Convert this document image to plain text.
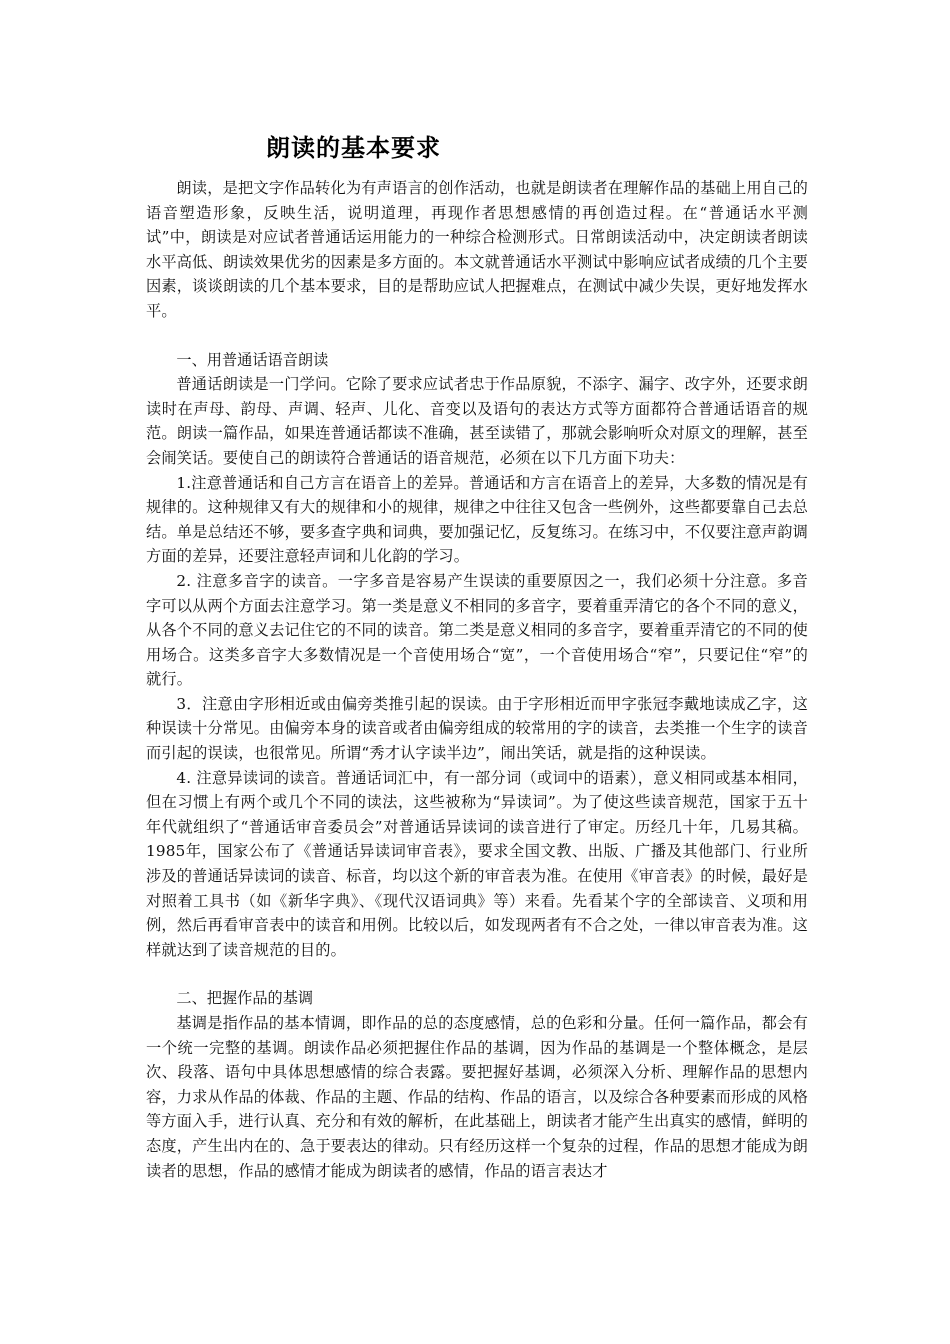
朗读的基本要求

朗读，是把文字作品转化为有声语言的创作活动，也就是朗读者在理解作品的基础上用自己的语音塑造形象，反映生活，说明道理，再现作者思想感情的再创造过程。在“普通话水平测试”中，朗读是对应试者普通话运用能力的一种综合检测形式。日常朗读活动中，决定朗读者朗读水平高低、朗读效果优劣的因素是多方面的。本文就普通话水平测试中影响应试者成绩的几个主要因素，谈谈朗读的几个基本要求，目的是帮助应试人把握难点，在测试中减少失误，更好地发挥水平。

一、用普通话语音朗读

普通话朗读是一门学问。它除了要求应试者忠于作品原貌，不添字、漏字、改字外，还要求朗读时在声母、韵母、声调、轻声、儿化、音变以及语句的表达方式等方面都符合普通话语音的规范。朗读一篇作品，如果连普通话都读不准确，甚至读错了，那就会影响听众对原文的理解，甚至会闹笑话。要使自己的朗读符合普通话的语音规范，必须在以下几方面下功夫：

1.注意普通话和自己方言在语音上的差异。普通话和方言在语音上的差异，大多数的情况是有规律的。这种规律又有大的规律和小的规律，规律之中往往又包含一些例外，这些都要靠自己去总结。单是总结还不够，要多查字典和词典，要加强记忆，反复练习。在练习中，不仅要注意声韵调方面的差异，还要注意轻声词和儿化韵的学习。

2. 注意多音字的读音。一字多音是容易产生误读的重要原因之一，我们必须十分注意。多音字可以从两个方面去注意学习。第一类是意义不相同的多音字，要着重弄清它的各个不同的意义，从各个不同的意义去记住它的不同的读音。第二类是意义相同的多音字，要着重弄清它的不同的使用场合。这类多音字大多数情况是一个音使用场合“宽”，一个音使用场合“窄”，只要记住“窄”的就行。

3．注意由字形相近或由偏旁类推引起的误读。由于字形相近而甲字张冠李戴地读成乙字，这种误读十分常见。由偏旁本身的读音或者由偏旁组成的较常用的字的读音，去类推一个生字的读音而引起的误读，也很常见。所谓“秀才认字读半边”，闹出笑话，就是指的这种误读。

4. 注意异读词的读音。普通话词汇中，有一部分词（或词中的语素），意义相同或基本相同，但在习惯上有两个或几个不同的读法，这些被称为“异读词”。为了使这些读音规范，国家于五十年代就组织了“普通话审音委员会”对普通话异读词的读音进行了审定。历经几十年，几易其稿。1985年，国家公布了《普通话异读词审音表》，要求全国文教、出版、广播及其他部门、行业所涉及的普通话异读词的读音、标音，均以这个新的审音表为准。在使用《审音表》的时候，最好是对照着工具书（如《新华字典》、《现代汉语词典》等）来看。先看某个字的全部读音、义项和用例，然后再看审音表中的读音和用例。比较以后，如发现两者有不合之处，一律以审音表为准。这样就达到了读音规范的目的。

二、把握作品的基调

基调是指作品的基本情调，即作品的总的态度感情，总的色彩和分量。任何一篇作品，都会有一个统一完整的基调。朗读作品必须把握住作品的基调，因为作品的基调是一个整体概念，是层次、段落、语句中具体思想感情的综合表露。要把握好基调，必须深入分析、理解作品的思想内容，力求从作品的体裁、作品的主题、作品的结构、作品的语言，以及综合各种要素而形成的风格等方面入手，进行认真、充分和有效的解析，在此基础上，朗读者才能产生出真实的感情，鲜明的态度，产生出内在的、急于要表达的律动。只有经历这样一个复杂的过程，作品的思想才能成为朗读者的思想，作品的感情才能成为朗读者的感情，作品的语言表达才
